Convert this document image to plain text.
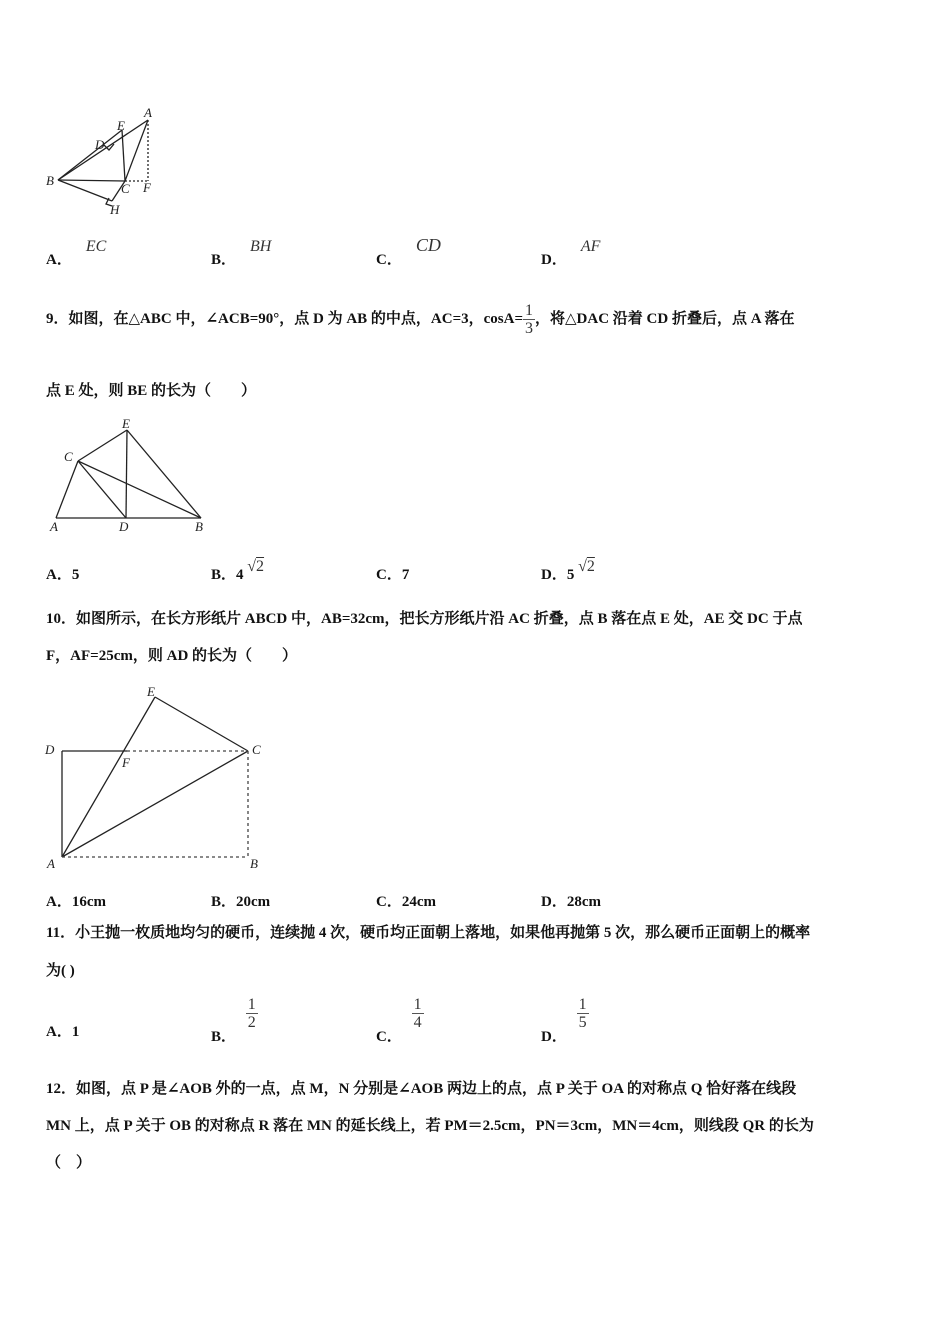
A
B
C
D
E
F
H
A．EC
B．BH
C．CD
D．AF
9．如图，在△ABC 中，∠ACB=90°，点 D 为 AB 的中点，AC=3，$\cos A= \frac{1}{3}$ ，将△DAC 沿着 CD 折叠后，点 A 落在
点 E 处，则 BE 的长为（　　）
A	B
C
D
E
A．5	B．4 √2	C．7	D．5 √2
10．如图所示，在长方形纸片 ABCD 中，AB=32cm，把长方形纸片沿 AC 折叠，点 B 落在点 E 处，AE 交 DC 于点
F，AF=25cm，则 AD 的长为（　　）
A	B
C
D
E
F
A．16cm	B．20cm	C．24cm	D．28cm
11．小王抛一枚质地均匀的硬币，连续抛 4 次，硬币均正面朝上落地，如果他再抛第 5 次，那么硬币正面朝上的概率
为( )
A．1	B．
$\frac{1}{2}$
C．
$\frac{1}{4}$
D．
$\frac{1}{5}$
12．如图，点 P 是∠AOB 外的一点，点 M，N 分别是∠AOB 两边上的点，点 P 关于 OA 的对称点 Q 恰好落在线段
MN 上，点 P 关于 OB 的对称点 R 落在 MN 的延长线上，若 PM＝2.5cm，PN＝3cm，MN＝4cm，则线段 QR 的长为
（　）
